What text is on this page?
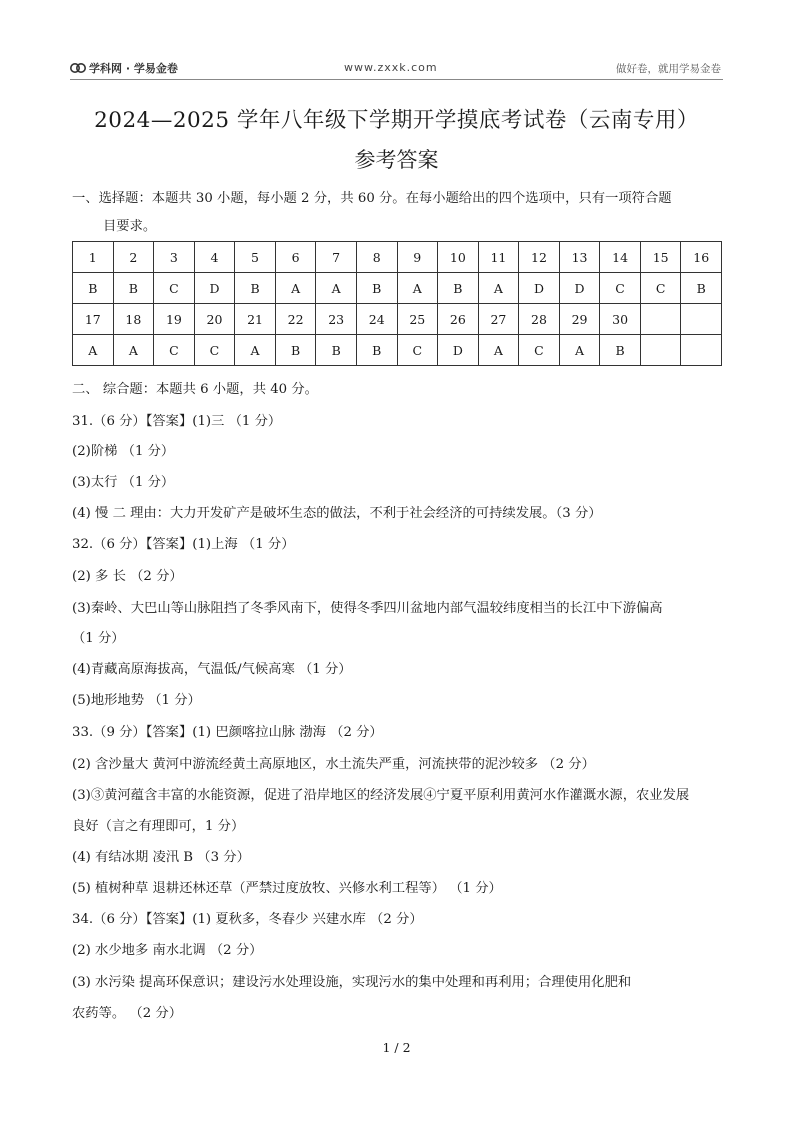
学科网 · 学易金卷	www.zxxk.com	做好卷，就用学易金卷
2024—2025 学年八年级下学期开学摸底考试卷（云南专用）
参考答案
一、选择题：本题共 30 小题，每小题 2 分，共 60 分。在每小题给出的四个选项中，只有一项符合题
目要求。
1	2	3	4	5	6	7	8	9	10	11	12	13	14	15	16
B	B	C	D	B	A	A	B	A	B	A	D	D	C	C	B
17	18	19	20	21	22	23	24	25	26	27	28	29	30		
A	A	C	C	A	B	B	B	C	D	A	C	A	B		
二、 综合题：本题共 6 小题，共 40 分。
31.（6 分）【答案】(1)三 （1 分）
(2)阶梯 （1 分）
(3)太行 （1 分）
(4) 慢 二 理由：大力开发矿产是破坏生态的做法，不利于社会经济的可持续发展。（3 分）
32.（6 分）【答案】(1)上海 （1 分）
(2) 多 长 （2 分）
(3)秦岭、大巴山等山脉阻挡了冬季风南下，使得冬季四川盆地内部气温较纬度相当的长江中下游偏高
（1 分）
(4)青藏高原海拔高，气温低/气候高寒 （1 分）
(5)地形地势 （1 分）
33.（9 分）【答案】(1) 巴颜喀拉山脉 渤海 （2 分）
(2) 含沙量大 黄河中游流经黄土高原地区，水土流失严重，河流挟带的泥沙较多 （2 分）
(3)③黄河蕴含丰富的水能资源，促进了沿岸地区的经济发展④宁夏平原利用黄河水作灌溉水源，农业发展
良好（言之有理即可，1 分）
(4) 有结冰期 凌汛 B （3 分）
(5) 植树种草 退耕还林还草（严禁过度放牧、兴修水利工程等） （1 分）
34.（6 分）【答案】(1) 夏秋多，冬春少 兴建水库 （2 分）
(2) 水少地多 南水北调 （2 分）
(3) 水污染 提高环保意识；建设污水处理设施，实现污水的集中处理和再利用；合理使用化肥和
农药等。 （2 分）
1 / 2
